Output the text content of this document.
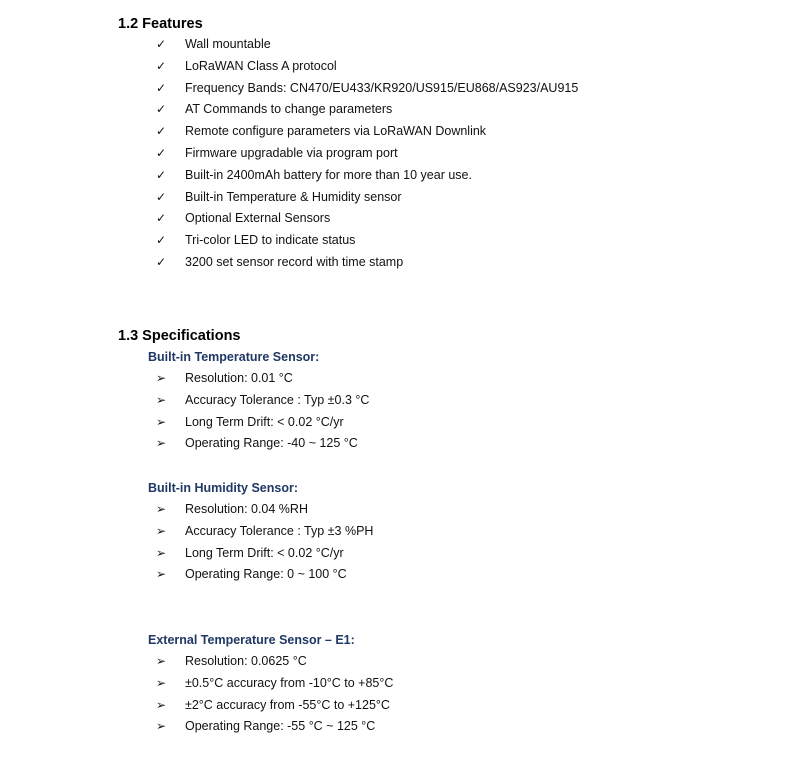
1.2 Features
✓	Wall mountable
✓	LoRaWAN Class A protocol
✓	Frequency Bands: CN470/EU433/KR920/US915/EU868/AS923/AU915
✓	AT Commands to change parameters
✓	Remote configure parameters via LoRaWAN Downlink
✓	Firmware upgradable via program port
✓	Built-in 2400mAh battery for more than 10 year use.
✓	Built-in Temperature & Humidity sensor
✓	Optional External Sensors
✓	Tri-color LED to indicate status
✓	3200 set sensor record with time stamp
1.3 Specifications
Built-in Temperature Sensor:
➢	Resolution: 0.01 °C
➢	Accuracy Tolerance : Typ ±0.3 °C
➢	Long Term Drift: < 0.02 °C/yr
➢	Operating Range: -40 ~ 125 °C
Built-in Humidity Sensor:
➢	Resolution: 0.04 %RH
➢	Accuracy Tolerance : Typ ±3 %PH
➢	Long Term Drift: < 0.02 °C/yr
➢	Operating Range: 0 ~ 100 °C
External Temperature Sensor – E1:
➢	Resolution: 0.0625 °C
➢	±0.5°C accuracy from -10°C to +85°C
➢	±2°C accuracy from -55°C to +125°C
➢	Operating Range: -55 °C ~ 125 °C
